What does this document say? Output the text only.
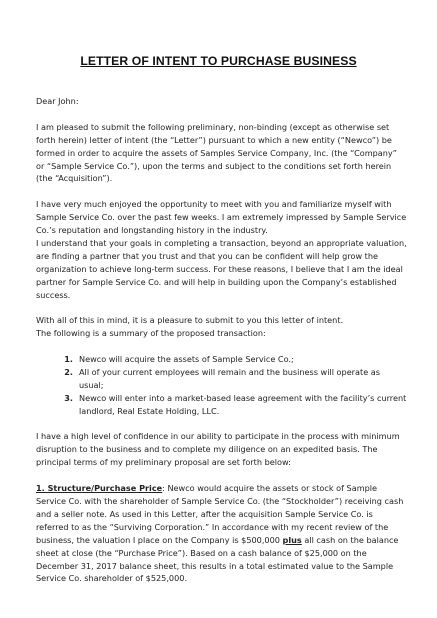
LETTER OF INTENT TO PURCHASE BUSINESS

Dear John:

I am pleased to submit the following preliminary, non-binding (except as otherwise set forth herein) letter of intent (the “Letter”) pursuant to which a new entity (“Newco”) be formed in order to acquire the assets of Samples Service Company, Inc. (the “Company” or “Sample Service Co.”), upon the terms and subject to the conditions set forth herein (the “Acquisition”).

I have very much enjoyed the opportunity to meet with you and familiarize myself with Sample Service Co. over the past few weeks. I am extremely impressed by Sample Service Co.’s reputation and longstanding history in the industry.

I understand that your goals in completing a transaction, beyond an appropriate valuation, are finding a partner that you trust and that you can be confident will help grow the organization to achieve long-term success. For these reasons, I believe that I am the ideal partner for Sample Service Co. and will help in building upon the Company’s established success.

With all of this in mind, it is a pleasure to submit to you this letter of intent.

The following is a summary of the proposed transaction:

1. Newco will acquire the assets of Sample Service Co.;
2. All of your current employees will remain and the business will operate as usual;
3. Newco will enter into a market-based lease agreement with the facility’s current landlord, Real Estate Holding, LLC.

I have a high level of confidence in our ability to participate in the process with minimum disruption to the business and to complete my diligence on an expedited basis. The principal terms of my preliminary proposal are set forth below:

1. Structure/Purchase Price: Newco would acquire the assets or stock of Sample Service Co. with the shareholder of Sample Service Co. (the “Stockholder”) receiving cash and a seller note. As used in this Letter, after the acquisition Sample Service Co. is referred to as the “Surviving Corporation.” In accordance with my recent review of the business, the valuation I place on the Company is $500,000 plus all cash on the balance sheet at close (the “Purchase Price”). Based on a cash balance of $25,000 on the December 31, 2017 balance sheet, this results in a total estimated value to the Sample Service Co. shareholder of $525,000.
